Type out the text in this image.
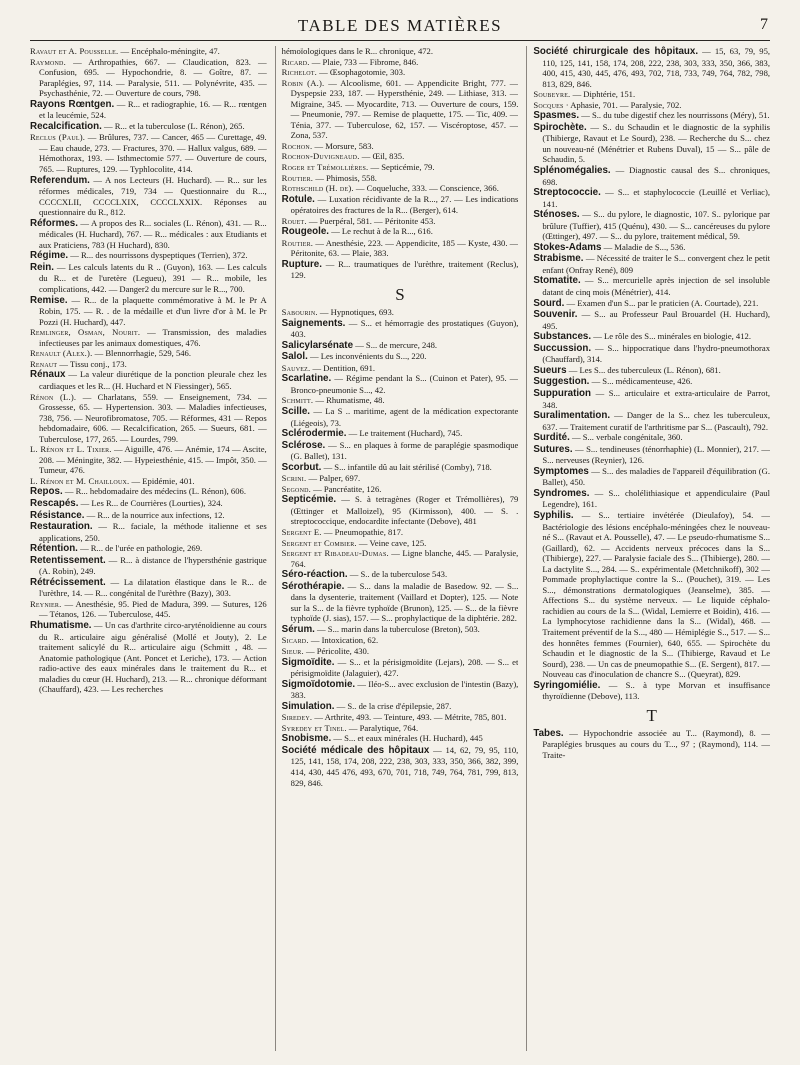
TABLE DES MATIÈRES	7

Ravaut et A. Pousselle. — Encéphalo-méningite, 47.

Raymond. — Arthropathies, 667. — Claudication, 823. — Confusion, 695. — Hypochondrie, 8. — Goître, 87. — Paraplégies, 97, 114. — Paralysie, 511. — Polynévrite, 435. — Psychasthénie, 72. — Ouverture de cours, 798.

Rayons Rœntgen. — R... et radiographie, 16. — R... rœntgen et la leucémie, 524.

Recalcification. — R... et la tuberculose (L. Rénon), 265.

Reclus (Paul). — Brûlures, 737. — Cancer, 465 — Curettage, 49. — Eau chaude, 273. — Fractures, 370. — Hallux valgus, 689. — Hémothorax, 193. — Isthmectomie 577. — Ouverture de cours, 765. — Ruptures, 129. — Typhlocolite, 414.

Referendum. — A nos Lecteurs (H. Huchard). — R... sur les réformes médicales, 719, 734 — Questionnaire du R..., CCCCXLII, CCCCLXIX, CCCCLXXIX. Réponses au questionnaire du R., 812.

Réformes. — A propos des R... sociales (L. Rénon), 431. — R... médicales (H. Huchard), 767. — R... médicales : aux Etudiants et aux Praticiens, 783 (H Huchard), 830.

Régime. — R... des nourrissons dyspeptiques (Terrien), 372.

Rein. — Les calculs latents du R .. (Guyon), 163. — Les calculs du R... et de l'uretère (Legueu), 391 — R... mobile, les complications, 442. — Danger2 du mercure sur le R..., 700.

Remise. — R... de la plaquette commémorative à M. le Pr A Robin, 175. — R. . de la médaille et d'un livre d'or à M. le Pr Pozzi (H. Huchard), 447.

Remlinger, Osman, Nourit. — Transmission, des maladies infectieuses par les animaux domestiques, 476.

Renault (Alex.). — Blennorrhagie, 529, 546.

Renaut — Tissu conj., 173.

Rénaux — La valeur diurétique de la ponction pleurale chez les cardiaques et les R... (H. Huchard et N Fiessinger), 565.

Rénon (L.). — Charlatans, 559. — Enseignement, 734. — Grossesse, 65. — Hypertension. 303. — Maladies infectieuses, 738, 756. — Neurofibromatose, 705. — Réformes, 431 — Repos hebdomadaire, 606. — Recalcification, 265. — Sueurs, 681. — Tuberculose, 177, 265. — Lourdes, 799.

L. Rénon et L. Tixier. — Aiguille, 476. — Anémie, 174 — Ascite, 208. — Méningite, 382. — Hypeiesthénie, 415. — Impôt, 350. — Tumeur, 476.

L. Rénon et M. Chailloux. — Epidémie, 401.

Repos. — R... hebdomadaire des médecins (L. Rénon), 606.

Rescapés. — Les R... de Courrières (Lourties), 324.

Résistance. — R... de la nourrice aux infections, 12.

Restauration. — R... faciale, la méthode italienne et ses applications, 250.

Rétention. — R... de l'urée en pathologie, 269.

Retentissement. — R... à distance de l'hypersthénie gastrique (A. Robin), 249.

Rétrécissement. — La dilatation élastique dans le R... de l'urèthre, 14. — R... congénital de l'urèthre (Bazy), 303.

Reynier. — Anesthésie, 95. Pied de Madura, 399. — Sutures, 126 — Tétanos, 126. — Tuberculose, 445.

Rhumatisme. — Un cas d'arthrite circo-aryténoïdienne au cours du R.. articulaire aigu généralisé (Mollé et Jouty), 2. Le traitement salicylé du R... articulaire aigu (Schmitt , 48. — Anatomie pathologique (Ant. Poncet et Leriche), 173. — Action radio-active des eaux minérales dans le traitement du R... et maladies du cœur (H. Huchard), 213. — R... chronique déformant (Chauffard), 423. — Les recherches

hémoïologiques dans le R... chronique, 472.

Ricard. — Plaie, 733 — Fibrome, 846.

Richelot. — Œsophagotomie, 303.

Robin (A.). — Alcoolisme, 601. — Appendicite Bright, 777. — Dyspepsie 233, 187. — Hypersthénie, 249. — Lithiase, 313. — Migraine, 345. — Myocardite, 713. — Ouverture de cours, 159. — Pneumonie, 797. — Remise de plaquette, 175. — Tic, 409. — Ténia, 377. — Tuberculose, 62, 157. — Viscéroptose, 457. — Zona, 537.

Rochon. — Morsure, 583.

Rochon-Duvigneaud. — Œil, 835.

Roger et Trémollières. — Septicémie, 79.

Routier. — Phimosis, 558.

Rothschild (H. de). — Coqueluche, 333. — Conscience, 366.

Rotule. — Luxation récidivante de la R..., 27. — Les indications opératoires des fractures de la R... (Berger), 614.

Rouet. — Puerpéral, 581. — Péritonite 453.

Rougeole. — Le rechut à de la R..., 616.

Routier. — Anesthésie, 223. — Appendicite, 185 — Kyste, 430. — Péritonite, 63. — Plaie, 383.

Rupture. — R... traumatiques de l'urèthre, traitement (Reclus), 129.

S

Sabourin. — Hypnotiques, 693.

Saignements. — S... et hémorragie des prostatiques (Guyon), 403.

Salicylarsénate — S... de mercure, 248.

Salol. — Les inconvénients du S..., 220.

Sauvez. — Dentition, 691.

Scarlatine. — Régime pendant la S... (Cuinon et Pater), 95. — Bronco-pneumonie S..., 42.

Schmitt. — Rhumatisme, 48.

Scille. — La S .. maritime, agent de la médication expectorante (Liégeois), 73.

Sclérodermie. — Le traitement (Huchard), 745.

Sclérose. — S... en plaques à forme de paraplégie spasmodique (G. Ballet), 131.

Scorbut. — S... infantile dû au lait stérilisé (Comby), 718.

Scrini. — Palper, 697.

Segond. — Pancréatite, 126.

Septicémie. — S. à tetragènes (Roger et Trémollières), 79 (Œttinger et Malloizel), 95 (Kirmisson), 400. — S. . streptococcique, endocardite infectante (Debove), 481

Sergent E. — Pneumopathie, 817.

Sergent et Combier. — Veine cave, 125.

Sergent et Ribadeau-Dumas. — Ligne blanche, 445. — Paralysie, 764.

Séro-réaction. — S.. de la tuberculose 543.

Sérothérapie. — S... dans la maladie de Basedow. 92. — S... dans la dysenterie, traitement (Vaillard et Dopter), 125. — Note sur la S... de la fièvre typhoïde (Brunon), 125. — S... de la fièvre typhoïde (J. sias), 157. — S... prophylactique de la diphtérie. 282.

Sérum. — S... marin dans la tuberculose (Breton), 503.

Sicard. — Intoxication, 62.

Sieur. — Péricolite, 430.

Sigmoïdite. — S... et la périsigmoïdite (Lejars), 208. — S... et périsigmoïdite (Jalaguier), 427.

Sigmoïdotomie. — Iléo-S... avec exclusion de l'intestin (Bazy), 383.

Simulation. — S.. de la crise d'épilepsie, 287.

Siredey. — Arthrite, 493. — Teinture, 493. — Métrite, 785, 801.

Syredey et Tinel. — Paralytique, 764.

Snobisme. — S... et eaux minérales (H. Huchard), 445

Société médicale des hôpitaux — 14, 62, 79, 95, 110, 125, 141, 158, 174, 208, 222, 238, 303, 333, 350, 366, 382, 399, 414, 430, 445 476, 493, 670, 701, 718, 749, 764, 781, 799, 813, 829, 846.

Société chirurgicale des hôpitaux. — 15, 63, 79, 95, 110, 125, 141, 158, 174, 208, 222, 238, 303, 333, 350, 366, 383, 400, 415, 430, 445, 476, 493, 702, 718, 733, 749, 764, 782, 798, 813, 829, 846.

Soubeyre. — Diphtérie, 151.

Socques · Aphasie, 701. — Paralysie, 702.

Spasmes. — S.. du tube digestif chez les nourrissons (Méry), 51.

Spirochète. — S.. du Schaudin et le diagnostic de la syphilis (Thibierge, Ravaut et Le Sourd), 238. — Recherche du S... chez un nouveau-né (Ménétrier et Rubens Duval), 15 — S... pâle de Schaudin, 5.

Splénomégalies. — Diagnostic causal des S... chroniques, 698.

Streptococcie. — S... et staphylococcie (Leuillé et Verliac), 141.

Sténoses. — S... du pylore, le diagnostic, 107. S.. pylorique par brûlure (Tuffier), 415 (Quénu), 430. — S... cancéreuses du pylore (Œttinger), 497. — S... du pylore, traitement médical, 59.

Stokes-Adams — Maladie de S..., 536.

Strabisme. — Nécessité de traiter le S... convergent chez le petit enfant (Onfray René), 809

Stomatite. — S... mercurielle après injection de sel insoluble datant de cinq mois (Ménétrier), 414.

Sourd. — Examen d'un S... par le praticien (A. Courtade), 221.

Souvenir. — S... au Professeur Paul Brouardel (H. Huchard), 495.

Substances. — Le rôle des S... minérales en biologie, 412.

Succussion. — S... hippocratique dans l'hydro-pneumothorax (Chauffard), 314.

Sueurs — Les S... des tuberculeux (L. Rénon), 681.

Suggestion. — S... médicamenteuse, 426.

Suppuration — S... articulaire et extra-articulaire de Parrot, 348.

Suralimentation. — Danger de la S... chez les tuberculeux, 637. — Traitement curatif de l'arthritisme par S... (Pascault), 792.

Surdité. — S... verbale congénitale, 360.

Sutures. — S... tendineuses (ténorrhaphie) (L. Monnier), 217. — S... nerveuses (Reynier), 126.

Symptomes — S... des maladies de l'appareil d'équilibration (G. Ballet), 450.

Syndromes. — S... cholélithiasique et appendiculaire (Paul Legendre), 161.

Syphilis. — S... tertiaire invétérée (Dieulafoy), 54. — Bactériologie des lésions encéphalo-méningées chez le nouveau-né S... (Ravaut et A. Pousselle), 47. — Le pseudo-rhumatisme S... (Gaillard), 62. — Accidents nerveux précoces dans la S... (Thibierge), 227. — Paralysie faciale des S... (Thibierge), 280. — La dactylite S..., 284. — S.. expérimentale (Metchnikoff), 302 — Pommade prophylactique contre la S... (Pouchet), 319. — Les S..., démonstrations dermatologiques (Jeanselme), 385. — Affections S... du système nerveux. — Le liquide céphalo-rachidien au cours de la S... (Widal, Lemierre et Boidin), 416. — La lymphocytose rachidienne dans la S... (Widal), 468. — Traitement préventif de la S..., 480 — Hémiplégie S.., 517. — S... des honnêtes femmes (Fournier), 640, 655. — Spirochète du Schaudin et le diagnostic de la S... (Thibierge, Ravaud et Le Sourd), 238. — Un cas de pneumopathie S... (E. Sergent), 817. — Nouveau cas d'inoculation de chancre S... (Queyrat), 829.

Syringomiélie. — S.. à type Morvan et insuffisance thyroïdienne (Debove), 113.

T

Tabes. — Hypochondrie associée au T... (Raymond), 8. — Paraplégies brusques au cours du T..., 97 ; (Raymond), 114. — Traite-
